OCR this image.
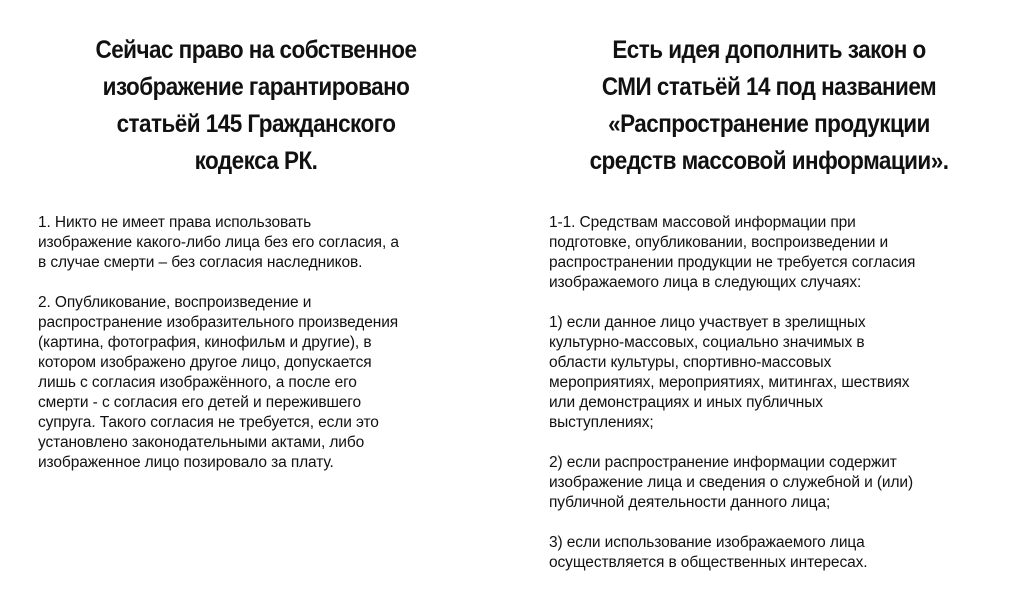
Сейчас право на собственное
изображение гарантировано
статьёй 145 Гражданского
кодекса РК.

1. Никто не имеет права использовать
изображение какого-либо лица без его согласия, а
в случае смерти – без согласия наследников.

2. Опубликование, воспроизведение и
распространение изобразительного произведения
(картина, фотография, кинофильм и другие), в
котором изображено другое лицо, допускается
лишь с согласия изображённого, а после его
смерти - с согласия его детей и пережившего
супруга. Такого согласия не требуется, если это
установлено законодательными актами, либо
изображенное лицо позировало за плату.

Есть идея дополнить закон о
СМИ статьёй 14 под названием
«Распространение продукции
средств массовой информации».

1-1. Средствам массовой информации при
подготовке, опубликовании, воспроизведении и
распространении продукции не требуется согласия
изображаемого лица в следующих случаях:

1) если данное лицо участвует в зрелищных
культурно-массовых, социально значимых в
области культуры, спортивно-массовых
мероприятиях, мероприятиях, митингах, шествиях
или демонстрациях и иных публичных
выступлениях;

2) если распространение информации содержит
изображение лица и сведения о служебной и (или)
публичной деятельности данного лица;

3) если использование изображаемого лица
осуществляется в общественных интересах.
